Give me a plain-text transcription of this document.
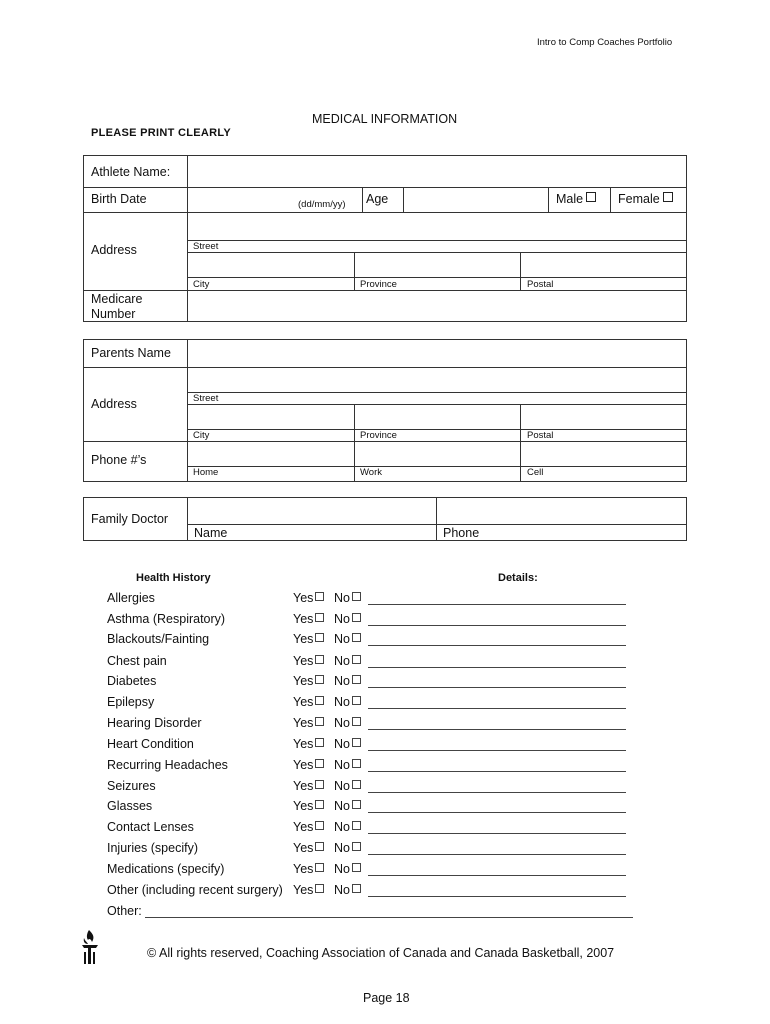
Intro to Comp Coaches Portfolio
MEDICAL INFORMATION
PLEASE PRINT CLEARLY
Athlete Name:
Birth Date	(dd/mm/yy) Age	Male	Female
Address	Street
City	Province	Postal
Medicare
Number
Parents Name
Address	Street
City	Province	Postal
Phone #’s
Home	Work	Cell
Family Doctor
Name	Phone
Health History	Details:
Allergies	Yes	No
Asthma (Respiratory)	Yes	No
Blackouts/Fainting	Yes	No
Chest pain	Yes	No
Diabetes	Yes	No
Epilepsy	Yes	No
Hearing Disorder	Yes	No
Heart Condition	Yes	No
Recurring Headaches	Yes	No
Seizures	Yes	No
Glasses	Yes	No
Contact Lenses	Yes	No
Injuries (specify)	Yes	No
Medications (specify)	Yes	No
Other (including recent surgery) Yes	No
Other:
© All rights reserved, Coaching Association of Canada and Canada Basketball, 2007
Page 18
